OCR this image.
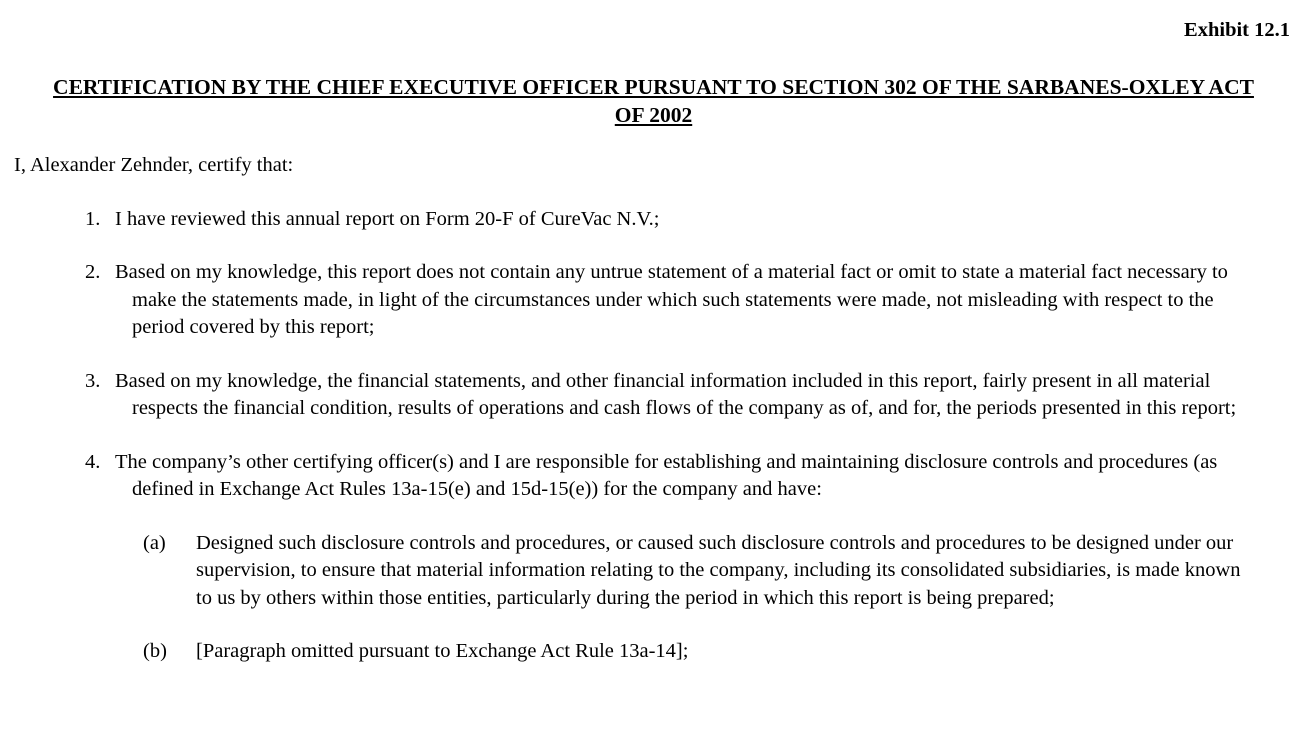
Exhibit 12.1
CERTIFICATION BY THE CHIEF EXECUTIVE OFFICER PURSUANT TO SECTION 302 OF THE SARBANES-OXLEY ACT
OF 2002
I, Alexander Zehnder, certify that:
1. I have reviewed this annual report on Form 20-F of CureVac N.V.;
2. Based on my knowledge, this report does not contain any untrue statement of a material fact or omit to state a material fact necessary to make the statements made, in light of the circumstances under which such statements were made, not misleading with respect to the period covered by this report;
3. Based on my knowledge, the financial statements, and other financial information included in this report, fairly present in all material respects the financial condition, results of operations and cash flows of the company as of, and for, the periods presented in this report;
4. The company’s other certifying officer(s) and I are responsible for establishing and maintaining disclosure controls and procedures (as defined in Exchange Act Rules 13a-15(e) and 15d-15(e)) for the company and have:
(a)	Designed such disclosure controls and procedures, or caused such disclosure controls and procedures to be designed under our supervision, to ensure that material information relating to the company, including its consolidated subsidiaries, is made known to us by others within those entities, particularly during the period in which this report is being prepared;
(b)	[Paragraph omitted pursuant to Exchange Act Rule 13a-14];
